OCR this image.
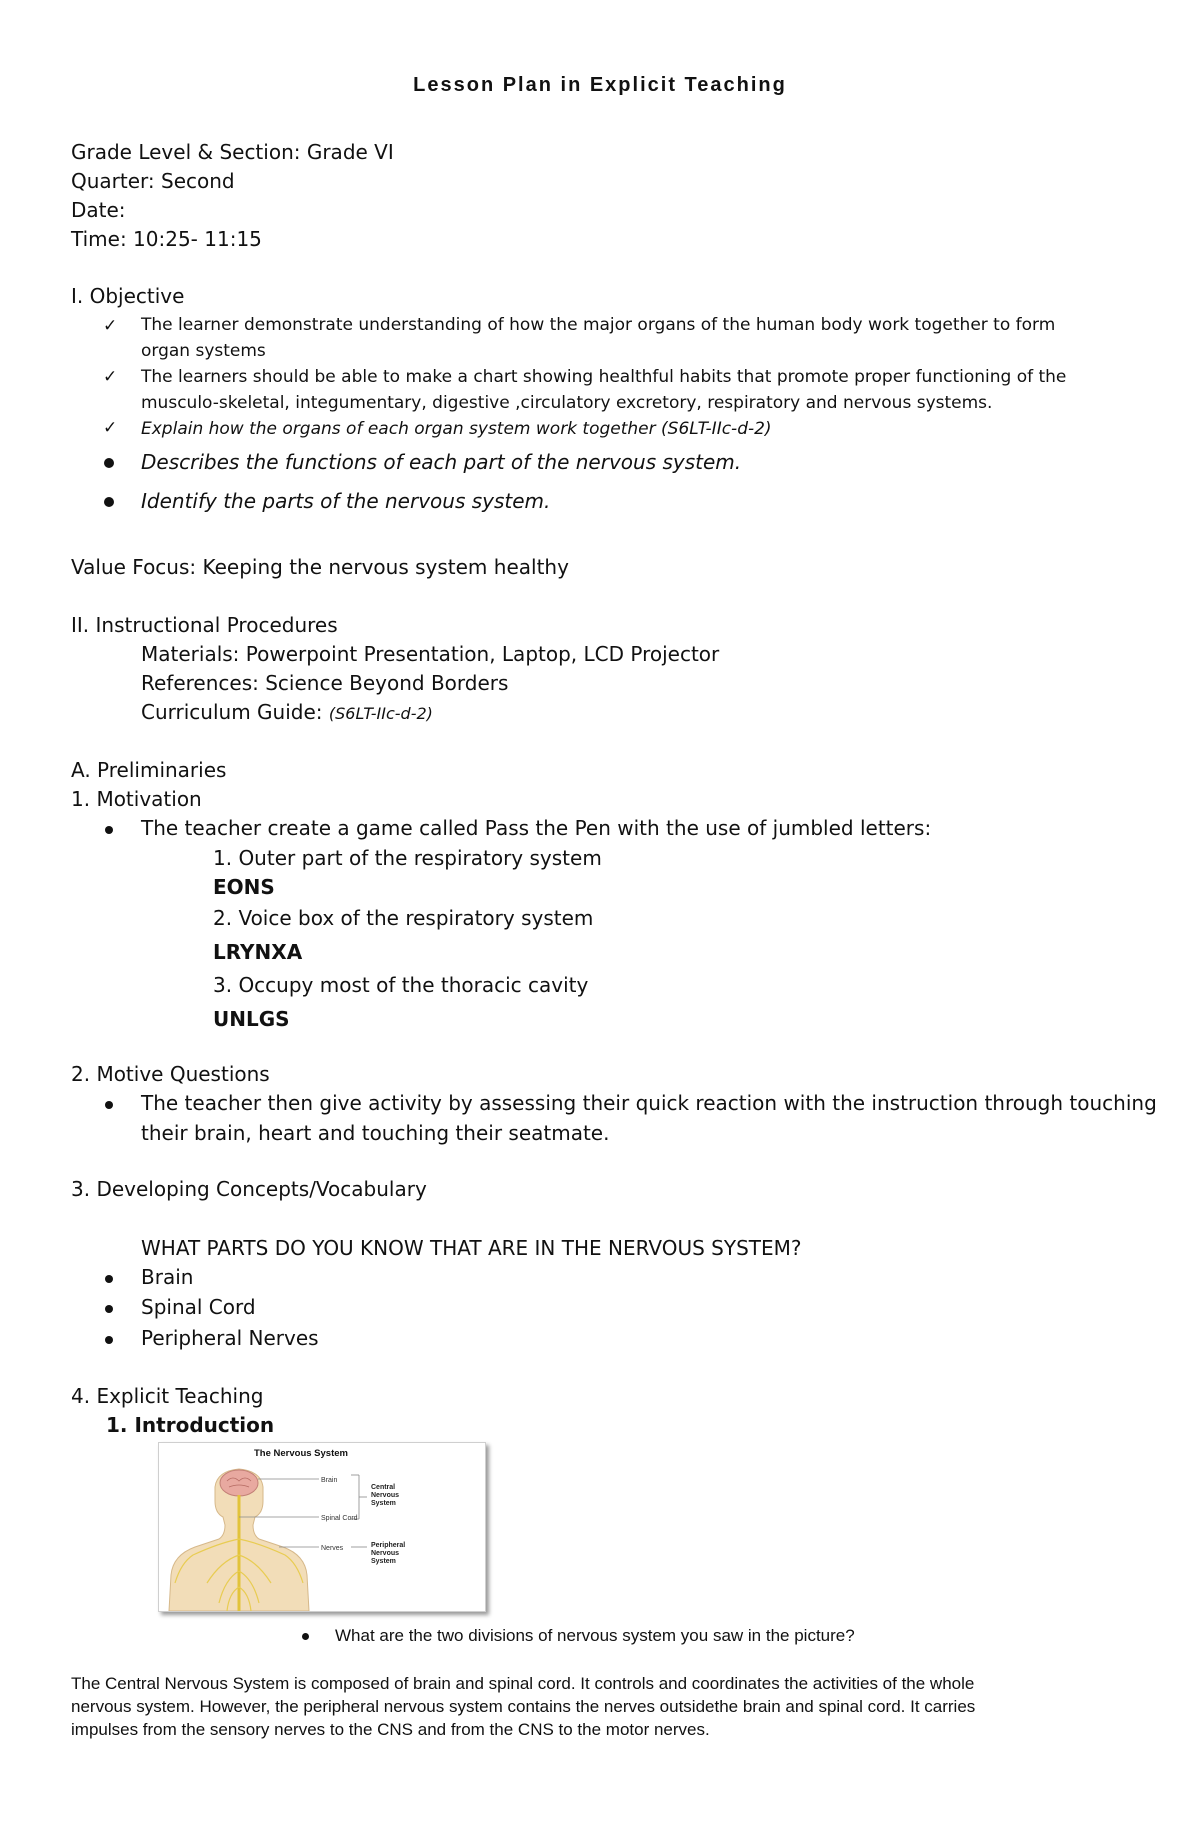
Lesson Plan in Explicit Teaching
Grade Level & Section: Grade VI
Quarter: Second
Date:
Time: 10:25- 11:15
I. Objective
✓ The learner demonstrate understanding of how the major organs of the human body work together to form
organ systems
✓ The learners should be able to make a chart showing healthful habits that promote proper functioning of the
musculo-skeletal, integumentary, digestive ,circulatory excretory, respiratory and nervous systems.
✓ Explain how the organs of each organ system work together (S6LT-IIc-d-2)
Describes the functions of each part of the nervous system.
Identify the parts of the nervous system.
Value Focus: Keeping the nervous system healthy
II. Instructional Procedures
Materials: Powerpoint Presentation, Laptop, LCD Projector
References: Science Beyond Borders
Curriculum Guide: (S6LT-IIc-d-2)
A. Preliminaries
1. Motivation
The teacher create a game called Pass the Pen with the use of jumbled letters:
1. Outer part of the respiratory system
EONS
2. Voice box of the respiratory system
LRYNXA
3. Occupy most of the thoracic cavity
UNLGS
2. Motive Questions
The teacher then give activity by assessing their quick reaction with the instruction through touching
their brain, heart and touching their seatmate.
3. Developing Concepts/Vocabulary
WHAT PARTS DO YOU KNOW THAT ARE IN THE NERVOUS SYSTEM?
Brain
Spinal Cord
Peripheral Nerves
4. Explicit Teaching
1. Introduction
The Nervous System
Brain
Spinal Cord
Nerves
Central
Nervous
System
Peripheral
Nervous
System
What are the two divisions of nervous system you saw in the picture?
The Central Nervous System is composed of brain and spinal cord. It controls and coordinates the activities of the whole
nervous system. However, the peripheral nervous system contains the nerves outsidethe brain and spinal cord. It carries
impulses from the sensory nerves to the CNS and from the CNS to the motor nerves.
